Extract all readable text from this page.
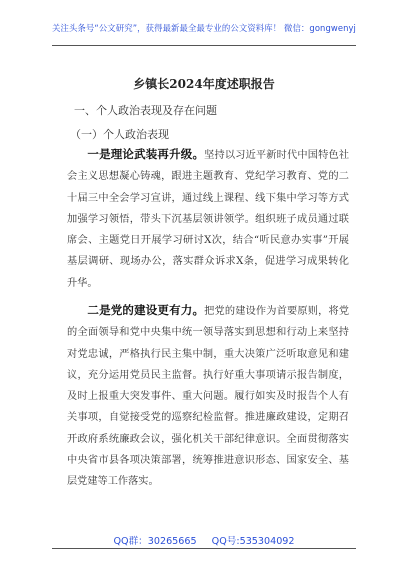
关注头条号“公文研究”，获得最新最全最专业的公文资料库！ 微信：gongwenyj
乡镇长2024年度述职报告
一、个人政治表现及存在问题
（一）个人政治表现

一是理论武装再升级。坚持以习近平新时代中国特色社会主义思想凝心铸魂，跟进主题教育、党纪学习教育、党的二十届三中全会学习宣讲，通过线上课程、线下集中学习等方式加强学习领悟，带头下沉基层领讲领学。组织班子成员通过联席会、主题党日开展学习研讨X次，结合“听民意办实事”开展基层调研、现场办公，落实群众诉求X条，促进学习成果转化升华。

二是党的建设更有力。把党的建设作为首要原则，将党的全面领导和党中央集中统一领导落实到思想和行动上来坚持对党忠诚，严格执行民主集中制，重大决策广泛听取意见和建议，充分运用党员民主监督。执行好重大事项请示报告制度，及时上报重大突发事件、重大问题。履行如实及时报告个人有关事项，自觉接受党的巡察纪检监督。推进廉政建设，定期召开政府系统廉政会议，强化机关干部纪律意识。全面贯彻落实中央省市县各项决策部署，统筹推进意识形态、国家安全、基层党建等工作落实。

QQ群：30265665 QQ号:535304092
